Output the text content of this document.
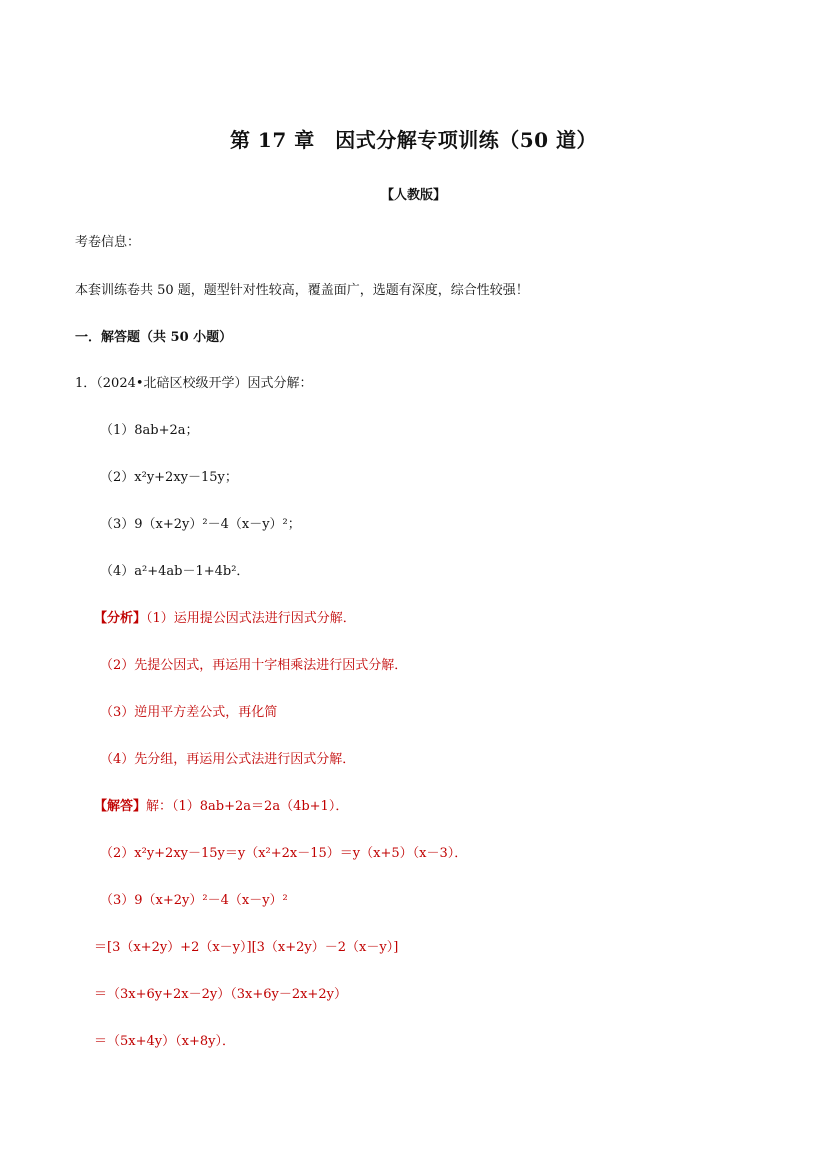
第 17 章　因式分解专项训练（50 道）
【人教版】
考卷信息：
本套训练卷共 50 题，题型针对性较高，覆盖面广，选题有深度，综合性较强！
一．解答题（共 50 小题）
1．（2024•北碚区校级开学）因式分解：
（1）8ab+2a；
（2）x²y+2xy－15y；
（3）9（x+2y）²－4（x－y）²；
（4）a²+4ab－1+4b²．
【分析】（1）运用提公因式法进行因式分解．
（2）先提公因式，再运用十字相乘法进行因式分解．
（3）逆用平方差公式，再化简
（4）先分组，再运用公式法进行因式分解．
【解答】解：（1）8ab+2a＝2a（4b+1）．
（2）x²y+2xy－15y＝y（x²+2x－15）＝y（x+5）（x－3）．
（3）9（x+2y）²－4（x－y）²
＝[3（x+2y）+2（x－y）][3（x+2y）－2（x－y）]
＝（3x+6y+2x－2y）（3x+6y－2x+2y）
＝（5x+4y）（x+8y）．
